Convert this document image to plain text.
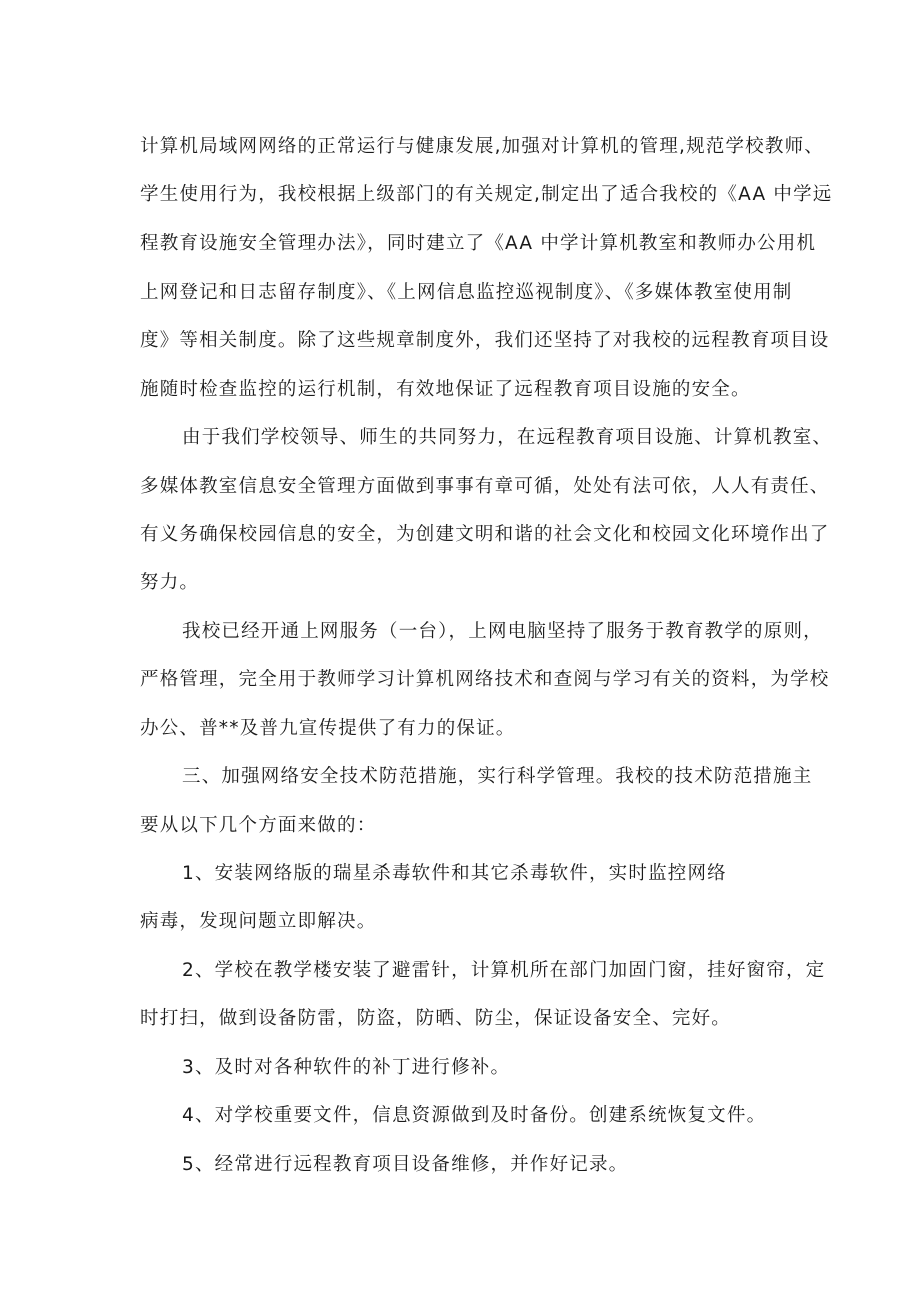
计算机局域网网络的正常运行与健康发展,加强对计算机的管理,规范学校教师、
学生使用行为，我校根据上级部门的有关规定,制定出了适合我校的《AA 中学远
程教育设施安全管理办法》，同时建立了《AA 中学计算机教室和教师办公用机
上网登记和日志留存制度》、《上网信息监控巡视制度》、《多媒体教室使用制
度》等相关制度。除了这些规章制度外，我们还坚持了对我校的远程教育项目设
施随时检查监控的运行机制，有效地保证了远程教育项目设施的安全。
由于我们学校领导、师生的共同努力，在远程教育项目设施、计算机教室、
多媒体教室信息安全管理方面做到事事有章可循，处处有法可依，人人有责任、
有义务确保校园信息的安全，为创建文明和谐的社会文化和校园文化环境作出了
努力。
我校已经开通上网服务（一台），上网电脑坚持了服务于教育教学的原则，
严格管理，完全用于教师学习计算机网络技术和查阅与学习有关的资料，为学校
办公、普**及普九宣传提供了有力的保证。
三、加强网络安全技术防范措施，实行科学管理。我校的技术防范措施主
要从以下几个方面来做的：
1、安装网络版的瑞星杀毒软件和其它杀毒软件，实时监控网络
病毒，发现问题立即解决。
2、学校在教学楼安装了避雷针，计算机所在部门加固门窗，挂好窗帘，定
时打扫，做到设备防雷，防盗，防晒、防尘，保证设备安全、完好。
3、及时对各种软件的补丁进行修补。
4、对学校重要文件，信息资源做到及时备份。创建系统恢复文件。
5、经常进行远程教育项目设备维修，并作好记录。
